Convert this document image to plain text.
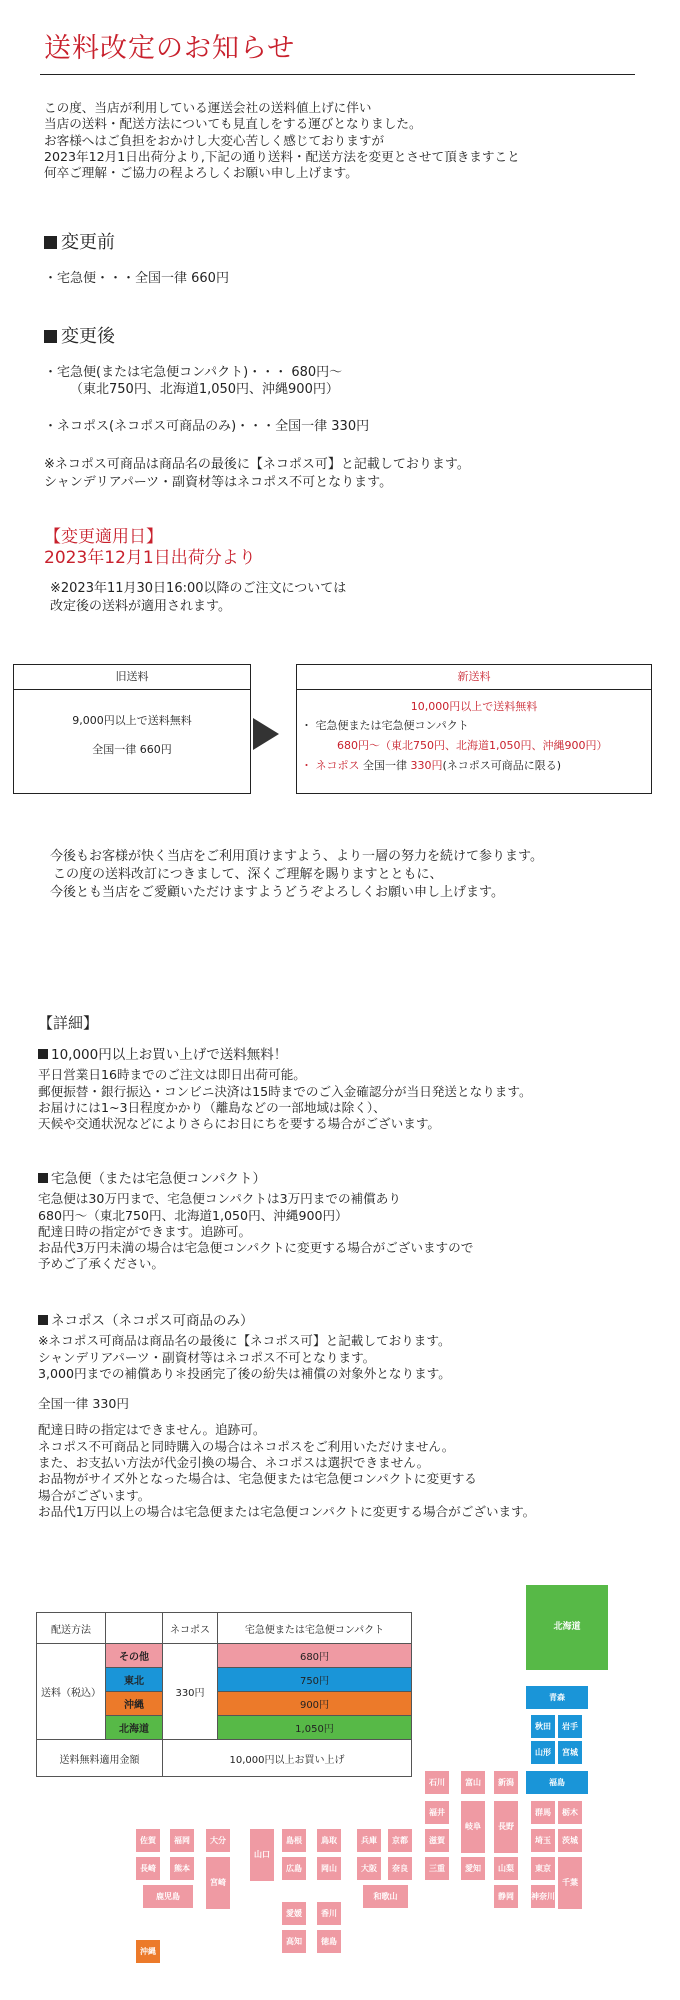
送料改定のお知らせ
この度、当店が利用している運送会社の送料値上げに伴い
当店の送料・配送方法についても見直しをする運びとなりました。
お客様へはご負担をおかけし大変心苦しく感じておりますが
2023年12月1日出荷分より,下記の通り送料・配送方法を変更とさせて頂きますこと
何卒ご理解・ご協力の程よろしくお願い申し上げます。
変更前
・宅急便・・・全国一律 660円
変更後
・宅急便(または宅急便コンパクト)・・・ 680円〜
（東北750円、北海道1,050円、沖縄900円）
・ネコポス(ネコポス可商品のみ)・・・全国一律 330円
※ネコポス可商品は商品名の最後に【ネコポス可】と記載しております。
シャンデリアパーツ・副資材等はネコポス不可となります。
【変更適用日】
2023年12月1日出荷分より
※2023年11月30日16:00以降のご注文については
改定後の送料が適用されます。
旧送料
9,000円以上で送料無料
全国一律 660円
新送料
10,000円以上で送料無料
・ 宅急便または宅急便コンパクト
680円〜（東北750円、北海道1,050円、沖縄900円）
・ ネコポス 全国一律 330円(ネコポス可商品に限る)
今後もお客様が快く当店をご利用頂けますよう、より一層の努力を続けて参ります。
この度の送料改訂につきまして、深くご理解を賜りますとともに、
今後とも当店をご愛顧いただけますようどうぞよろしくお願い申し上げます。
【詳細】
10,000円以上お買い上げで送料無料！
平日営業日16時までのご注文は即日出荷可能。
郵便振替・銀行振込・コンビニ決済は15時までのご入金確認分が当日発送となります。
お届けには1~3日程度かかり（離島などの一部地域は除く）、
天候や交通状況などによりさらにお日にちを要する場合がございます。
宅急便（または宅急便コンパクト）
宅急便は30万円まで、宅急便コンパクトは3万円までの補償あり
680円〜（東北750円、北海道1,050円、沖縄900円）
配達日時の指定ができます。追跡可。
お品代3万円未満の場合は宅急便コンパクトに変更する場合がございますので
予めご了承ください。
ネコポス（ネコポス可商品のみ）
※ネコポス可商品は商品名の最後に【ネコポス可】と記載しております。
シャンデリアパーツ・副資材等はネコポス不可となります。
3,000円までの補償あり＊投函完了後の紛失は補償の対象外となります。
全国一律 330円
配達日時の指定はできません。追跡可。
ネコポス不可商品と同時購入の場合はネコポスをご利用いただけません。
また、お支払い方法が代金引換の場合、ネコポスは選択できません。
お品物がサイズ外となった場合は、宅急便または宅急便コンパクトに変更する
場合がございます。
お品代1万円以上の場合は宅急便または宅急便コンパクトに変更する場合がございます。
配送方法		ネコポス	宅急便または宅急便コンパクト
送料（税込）	その他	330円	680円
	東北		750円
	沖縄		900円
	北海道		1,050円
送料無料適用金額		10,000円以上お買い上げ	
北海道
青森
秋田	岩手
山形	宮城
福島
石川	富山	新潟
福井
岐阜	長野
群馬	栃木
埼玉	茨城
山梨	東京
千葉
静岡	神奈川
京都	滋賀
愛知
三重
奈良
兵庫
大阪
和歌山
島根	鳥取
広島	岡山
山口
愛媛	香川
高知	徳島
佐賀	福岡	大分
長崎	熊本
宮崎
鹿児島
沖縄
